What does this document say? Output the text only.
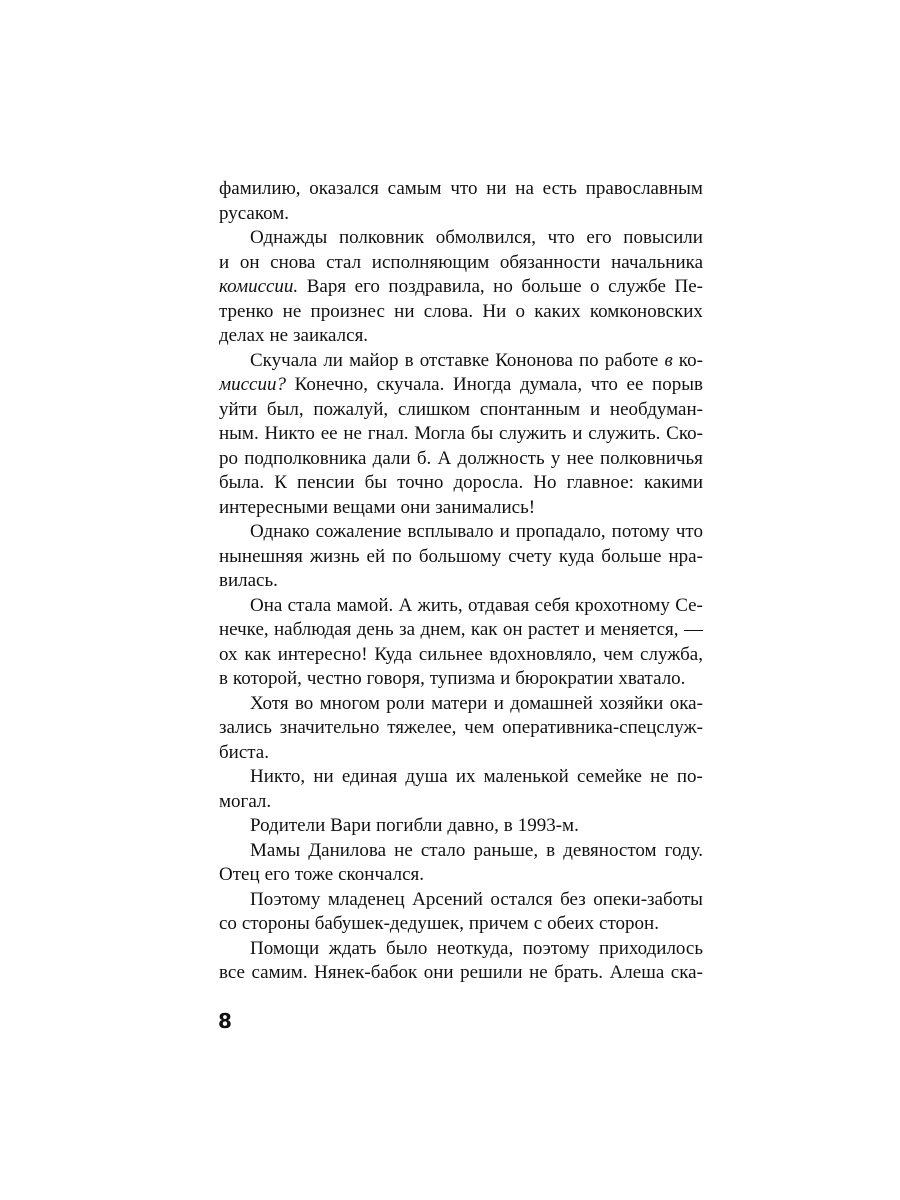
фамилию, оказался самым что ни на есть православным
русаком.
Однажды полковник обмолвился, что его повысили
и он снова стал исполняющим обязанности начальника
комиссии. Варя его поздравила, но больше о службе Пе-
тренко не произнес ни слова. Ни о каких комконовских
делах не заикался.
Скучала ли майор в отставке Кононова по работе в ко-
миссии? Конечно, скучала. Иногда думала, что ее порыв
уйти был, пожалуй, слишком спонтанным и необдуман-
ным. Никто ее не гнал. Могла бы служить и служить. Ско-
ро подполковника дали б. А должность у нее полковничья
была. К пенсии бы точно доросла. Но главное: какими
интересными вещами они занимались!
Однако сожаление всплывало и пропадало, потому что
нынешняя жизнь ей по большому счету куда больше нра-
вилась.
Она стала мамой. А жить, отдавая себя крохотному Се-
нечке, наблюдая день за днем, как он растет и меняется, —
ох как интересно! Куда сильнее вдохновляло, чем служба,
в которой, честно говоря, тупизма и бюрократии хватало.
Хотя во многом роли матери и домашней хозяйки ока-
зались значительно тяжелее, чем оперативника-спецслуж-
биста.
Никто, ни единая душа их маленькой семейке не по-
могал.
Родители Вари погибли давно, в 1993-м.
Мамы Данилова не стало раньше, в девяностом году.
Отец его тоже скончался.
Поэтому младенец Арсений остался без опеки-заботы
со стороны бабушек-дедушек, причем с обеих сторон.
Помощи ждать было неоткуда, поэтому приходилось
все самим. Нянек-бабок они решили не брать. Алеша ска-
8
